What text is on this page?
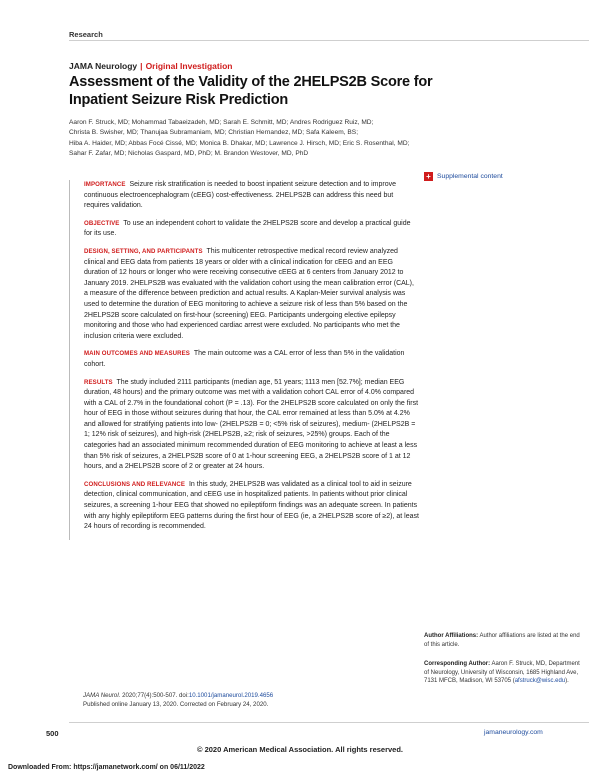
Research
JAMA Neurology | Original Investigation
Assessment of the Validity of the 2HELPS2B Score for Inpatient Seizure Risk Prediction
Aaron F. Struck, MD; Mohammad Tabaeizadeh, MD; Sarah E. Schmitt, MD; Andres Rodriguez Ruiz, MD;
Christa B. Swisher, MD; Thanujaa Subramaniam, MD; Christian Hernandez, MD; Safa Kaleem, BS;
Hiba A. Haider, MD; Abbas Focé Cissé, MD; Monica B. Dhakar, MD; Lawrence J. Hirsch, MD; Eric S. Rosenthal, MD;
Sahar F. Zafar, MD; Nicholas Gaspard, MD, PhD; M. Brandon Westover, MD, PhD
+ Supplemental content
IMPORTANCE Seizure risk stratification is needed to boost inpatient seizure detection and to improve continuous electroencephalogram (cEEG) cost-effectiveness. 2HELPS2B can address this need but requires validation.
OBJECTIVE To use an independent cohort to validate the 2HELPS2B score and develop a practical guide for its use.
DESIGN, SETTING, AND PARTICIPANTS This multicenter retrospective medical record review analyzed clinical and EEG data from patients 18 years or older with a clinical indication for cEEG and an EEG duration of 12 hours or longer who were receiving consecutive cEEG at 6 centers from January 2012 to January 2019. 2HELPS2B was evaluated with the validation cohort using the mean calibration error (CAL), a measure of the difference between prediction and actual results. A Kaplan-Meier survival analysis was used to determine the duration of EEG monitoring to achieve a seizure risk of less than 5% based on the 2HELPS2B score calculated on first-hour (screening) EEG. Participants undergoing elective epilepsy monitoring and those who had experienced cardiac arrest were excluded. No participants who met the inclusion criteria were excluded.
MAIN OUTCOMES AND MEASURES The main outcome was a CAL error of less than 5% in the validation cohort.
RESULTS The study included 2111 participants (median age, 51 years; 1113 men [52.7%]; median EEG duration, 48 hours) and the primary outcome was met with a validation cohort CAL error of 4.0% compared with a CAL of 2.7% in the foundational cohort (P = .13). For the 2HELPS2B score calculated on only the first hour of EEG in those without seizures during that hour, the CAL error remained at less than 5.0% at 4.2% and allowed for stratifying patients into low- (2HELPS2B = 0; <5% risk of seizures), medium- (2HELPS2B = 1; 12% risk of seizures), and high-risk (2HELPS2B, ≥2; risk of seizures, >25%) groups. Each of the categories had an associated minimum recommended duration of EEG monitoring to achieve at least a less than 5% risk of seizures, a 2HELPS2B score of 0 at 1-hour screening EEG, a 2HELPS2B score of 1 at 12 hours, and a 2HELPS2B score of 2 or greater at 24 hours.
CONCLUSIONS AND RELEVANCE In this study, 2HELPS2B was validated as a clinical tool to aid in seizure detection, clinical communication, and cEEG use in hospitalized patients. In patients without prior clinical seizures, a screening 1-hour EEG that showed no epileptiform findings was an adequate screen. In patients with any highly epileptiform EEG patterns during the first hour of EEG (ie, a 2HELPS2B score of ≥2), at least 24 hours of recording is recommended.
Author Affiliations: Author affiliations are listed at the end of this article.
Corresponding Author: Aaron F. Struck, MD, Department of Neurology, University of Wisconsin, 1685 Highland Ave, 7131 MFCB, Madison, WI 53705 (afstruck@wisc.edu).
JAMA Neurol. 2020;77(4):500-507. doi:10.1001/jamaneurol.2019.4656
Published online January 13, 2020. Corrected on February 24, 2020.
500	jamaneurology.com
© 2020 American Medical Association. All rights reserved.
Downloaded From: https://jamanetwork.com/ on 06/11/2022
